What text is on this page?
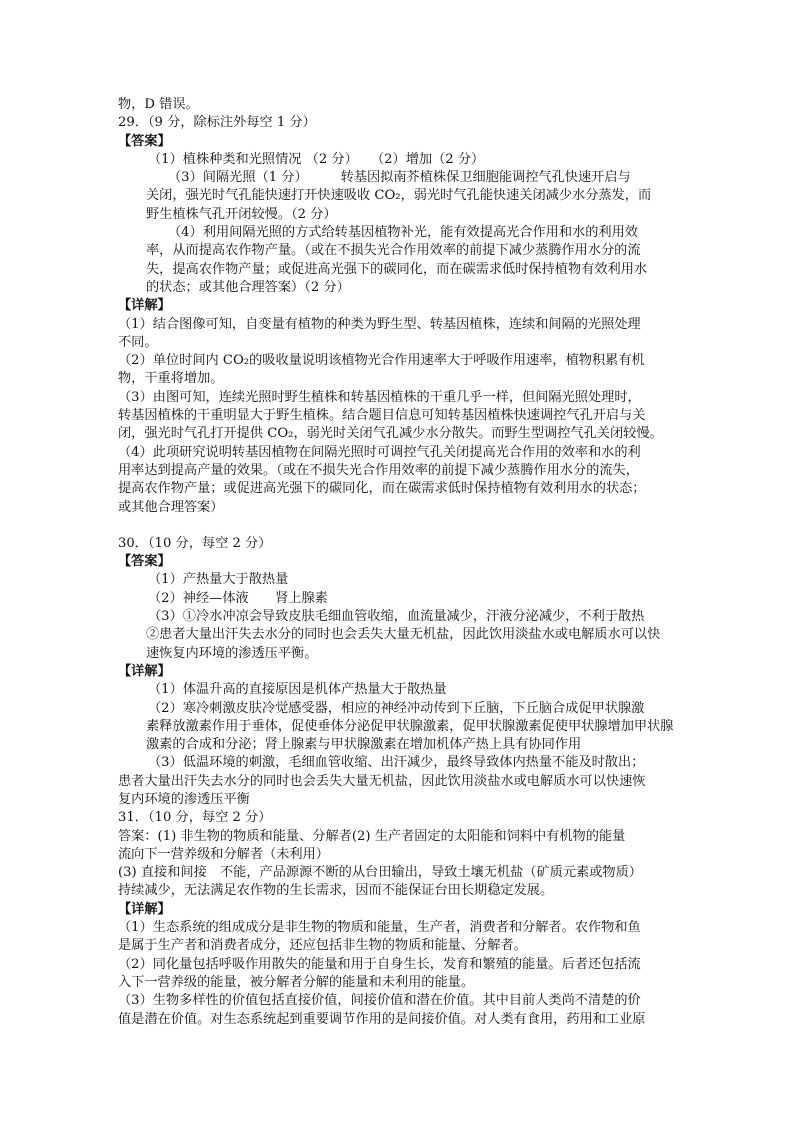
物，D 错误。
29．（9 分，除标注外每空 1 分）
【答案】
（1）植株种类和光照情况 （2 分）　　（2）增加（2 分）
（3）间隔光照（1 分）　　　转基因拟南芥植株保卫细胞能调控气孔快速开启与
关闭，强光时气孔能快速打开快速吸收 CO₂，弱光时气孔能快速关闭减少水分蒸发，而
野生植株气孔开闭较慢。（2 分）
（4）利用间隔光照的方式给转基因植物补光，能有效提高光合作用和水的利用效
率，从而提高农作物产量。（或在不损失光合作用效率的前提下减少蒸腾作用水分的流
失，提高农作物产量；或促进高光强下的碳同化，而在碳需求低时保持植物有效利用水
的状态；或其他合理答案）（2 分）
【详解】
（1）结合图像可知，自变量有植物的种类为野生型、转基因植株，连续和间隔的光照处理
不同。
（2）单位时间内 CO₂的吸收量说明该植物光合作用速率大于呼吸作用速率，植物积累有机
物，干重将增加。
（3）由图可知，连续光照时野生植株和转基因植株的干重几乎一样，但间隔光照处理时，
转基因植株的干重明显大于野生植株。结合题目信息可知转基因植株快速调控气孔开启与关
闭，强光时气孔打开提供 CO₂，弱光时关闭气孔减少水分散失。而野生型调控气孔关闭较慢。
（4）此项研究说明转基因植物在间隔光照时可调控气孔关闭提高光合作用的效率和水的利
用率达到提高产量的效果。（或在不损失光合作用效率的前提下减少蒸腾作用水分的流失，
提高农作物产量；或促进高光强下的碳同化，而在碳需求低时保持植物有效利用水的状态；
或其他合理答案）
30．（10 分，每空 2 分）
【答案】
（1）产热量大于散热量
（2）神经—体液　　肾上腺素
（3）①冷水冲凉会导致皮肤毛细血管收缩，血流量减少，汗液分泌减少，不利于散热
②患者大量出汗失去水分的同时也会丢失大量无机盐，因此饮用淡盐水或电解质水可以快
速恢复内环境的渗透压平衡。
【详解】
（1）体温升高的直接原因是机体产热量大于散热量
（2）寒冷刺激皮肤冷觉感受器，相应的神经冲动传到下丘脑，下丘脑合成促甲状腺激
素释放激素作用于垂体，促使垂体分泌促甲状腺激素，促甲状腺激素促使甲状腺增加甲状腺
激素的合成和分泌；肾上腺素与甲状腺激素在增加机体产热上具有协同作用
（3）低温环境的刺激，毛细血管收缩、出汗减少，最终导致体内热量不能及时散出；
患者大量出汗失去水分的同时也会丢失大量无机盐，因此饮用淡盐水或电解质水可以快速恢
复内环境的渗透压平衡
31．（10 分，每空 2 分）
答案：(1) 非生物的物质和能量、分解者(2) 生产者固定的太阳能和饲料中有机物的能量
流向下一营养级和分解者（未利用）
(3) 直接和间接　不能，产品源源不断的从台田输出，导致土壤无机盐（矿质元素或物质）
持续减少，无法满足农作物的生长需求，因而不能保证台田长期稳定发展。
【详解】
（1）生态系统的组成成分是非生物的物质和能量，生产者，消费者和分解者。农作物和鱼
是属于生产者和消费者成分，还应包括非生物的物质和能量、分解者。
（2）同化量包括呼吸作用散失的能量和用于自身生长，发育和繁殖的能量。后者还包括流
入下一营养级的能量，被分解者分解的能量和未利用的能量。
（3）生物多样性的价值包括直接价值，间接价值和潜在价值。其中目前人类尚不清楚的价
值是潜在价值。对生态系统起到重要调节作用的是间接价值。对人类有食用，药用和工业原
